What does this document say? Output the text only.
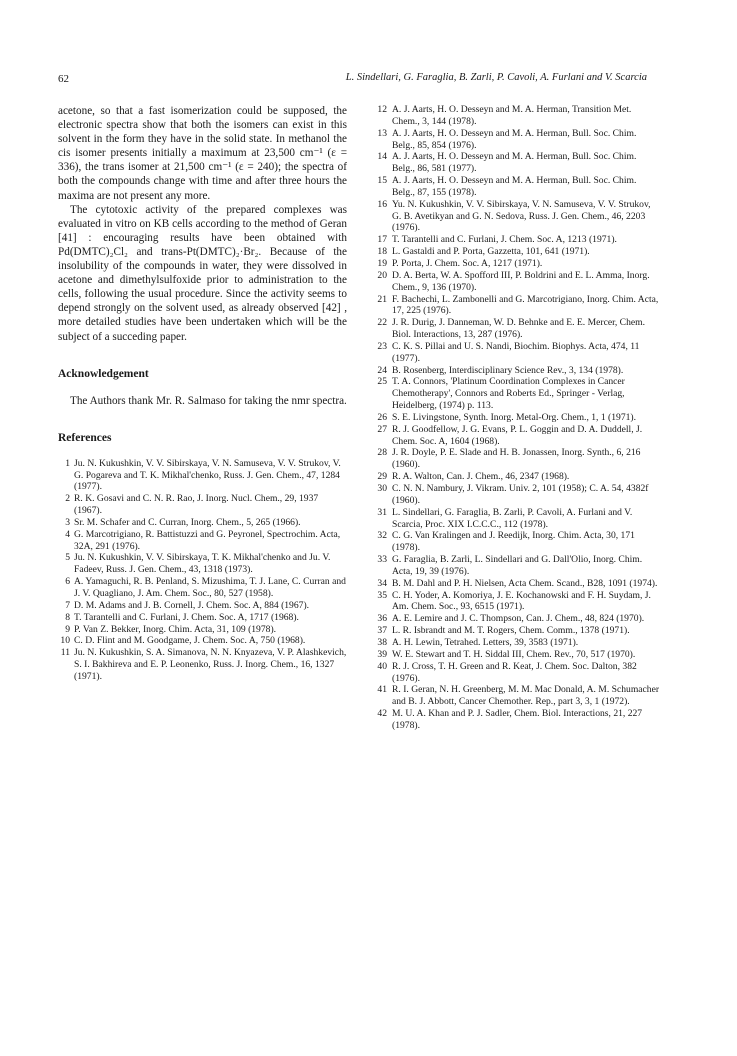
62	L. Sindellari, G. Faraglia, B. Zarli, P. Cavoli, A. Furlani and V. Scarcia

acetone, so that a fast isomerization could be supposed, the electronic spectra show that both the isomers can exist in this solvent in the form they have in the solid state. In methanol the cis isomer presents initially a maximum at 23,500 cm⁻¹ (ε = 336), the trans isomer at 21,500 cm⁻¹ (ε = 240); the spectra of both the compounds change with time and after three hours the maxima are not present any more.

The cytotoxic activity of the prepared complexes was evaluated in vitro on KB cells according to the method of Geran [41] : encouraging results have been obtained with Pd(DMTC)₂Cl₂ and trans-Pt(DMTC)₂·Br₂. Because of the insolubility of the compounds in water, they were dissolved in acetone and dimethylsulfoxide prior to administration to the cells, following the usual procedure. Since the activity seems to depend strongly on the solvent used, as already observed [42] , more detailed studies have been undertaken which will be the subject of a succeding paper.

Acknowledgement

The Authors thank Mr. R. Salmaso for taking the nmr spectra.

References
1 Ju. N. Kukushkin, V. V. Sibirskaya, V. N. Samuseva, V. V. Strukov, V. G. Pogareva and T. K. Mikhal'chenko, Russ. J. Gen. Chem., 47, 1284 (1977).
2 R. K. Gosavi and C. N. R. Rao, J. Inorg. Nucl. Chem., 29, 1937 (1967).
3 Sr. M. Schafer and C. Curran, Inorg. Chem., 5, 265 (1966).
4 G. Marcotrigiano, R. Battistuzzi and G. Peyronel, Spectrochim. Acta, 32A, 291 (1976).
5 Ju. N. Kukushkin, V. V. Sibirskaya, T. K. Mikhal'chenko and Ju. V. Fadeev, Russ. J. Gen. Chem., 43, 1318 (1973).
6 A. Yamaguchi, R. B. Penland, S. Mizushima, T. J. Lane, C. Curran and J. V. Quagliano, J. Am. Chem. Soc., 80, 527 (1958).
7 D. M. Adams and J. B. Cornell, J. Chem. Soc. A, 884 (1967).
8 T. Tarantelli and C. Furlani, J. Chem. Soc. A, 1717 (1968).
9 P. Van Z. Bekker, Inorg. Chim. Acta, 31, 109 (1978).
10 C. D. Flint and M. Goodgame, J. Chem. Soc. A, 750 (1968).
11 Ju. N. Kukushkin, S. A. Simanova, N. N. Knyazeva, V. P. Alashkevich, S. I. Bakhireva and E. P. Leonenko, Russ. J. Inorg. Chem., 16, 1327 (1971).
12 A. J. Aarts, H. O. Desseyn and M. A. Herman, Transition Met. Chem., 3, 144 (1978).
13 A. J. Aarts, H. O. Desseyn and M. A. Herman, Bull. Soc. Chim. Belg., 85, 854 (1976).
14 A. J. Aarts, H. O. Desseyn and M. A. Herman, Bull. Soc. Chim. Belg., 86, 581 (1977).
15 A. J. Aarts, H. O. Desseyn and M. A. Herman, Bull. Soc. Chim. Belg., 87, 155 (1978).
16 Yu. N. Kukushkin, V. V. Sibirskaya, V. N. Samuseva, V. V. Strukov, G. B. Avetikyan and G. N. Sedova, Russ. J. Gen. Chem., 46, 2203 (1976).
17 T. Tarantelli and C. Furlani, J. Chem. Soc. A, 1213 (1971).
18 L. Gastaldi and P. Porta, Gazzetta, 101, 641 (1971).
19 P. Porta, J. Chem. Soc. A, 1217 (1971).
20 D. A. Berta, W. A. Spofford III, P. Boldrini and E. L. Amma, Inorg. Chem., 9, 136 (1970).
21 F. Bachechi, L. Zambonelli and G. Marcotrigiano, Inorg. Chim. Acta, 17, 225 (1976).
22 J. R. Durig, J. Danneman, W. D. Behnke and E. E. Mercer, Chem. Biol. Interactions, 13, 287 (1976).
23 C. K. S. Pillai and U. S. Nandi, Biochim. Biophys. Acta, 474, 11 (1977).
24 B. Rosenberg, Interdisciplinary Science Rev., 3, 134 (1978).
25 T. A. Connors, 'Platinum Coordination Complexes in Cancer Chemotherapy', Connors and Roberts Ed., Springer - Verlag, Heidelberg, (1974) p. 113.
26 S. E. Livingstone, Synth. Inorg. Metal-Org. Chem., 1, 1 (1971).
27 R. J. Goodfellow, J. G. Evans, P. L. Goggin and D. A. Duddell, J. Chem. Soc. A, 1604 (1968).
28 J. R. Doyle, P. E. Slade and H. B. Jonassen, Inorg. Synth., 6, 216 (1960).
29 R. A. Walton, Can. J. Chem., 46, 2347 (1968).
30 C. N. N. Nambury, J. Vikram. Univ. 2, 101 (1958); C. A. 54, 4382f (1960).
31 L. Sindellari, G. Faraglia, B. Zarli, P. Cavoli, A. Furlani and V. Scarcia, Proc. XIX I.C.C.C., 112 (1978).
32 C. G. Van Kralingen and J. Reedijk, Inorg. Chim. Acta, 30, 171 (1978).
33 G. Faraglia, B. Zarli, L. Sindellari and G. Dall'Olio, Inorg. Chim. Acta, 19, 39 (1976).
34 B. M. Dahl and P. H. Nielsen, Acta Chem. Scand., B28, 1091 (1974).
35 C. H. Yoder, A. Komoriya, J. E. Kochanowski and F. H. Suydam, J. Am. Chem. Soc., 93, 6515 (1971).
36 A. E. Lemire and J. C. Thompson, Can. J. Chem., 48, 824 (1970).
37 L. R. Isbrandt and M. T. Rogers, Chem. Comm., 1378 (1971).
38 A. H. Lewin, Tetrahed. Letters, 39, 3583 (1971).
39 W. E. Stewart and T. H. Siddal III, Chem. Rev., 70, 517 (1970).
40 R. J. Cross, T. H. Green and R. Keat, J. Chem. Soc. Dalton, 382 (1976).
41 R. I. Geran, N. H. Greenberg, M. M. Mac Donald, A. M. Schumacher and B. J. Abbott, Cancer Chemother. Rep., part 3, 3, 1 (1972).
42 M. U. A. Khan and P. J. Sadler, Chem. Biol. Interactions, 21, 227 (1978).
